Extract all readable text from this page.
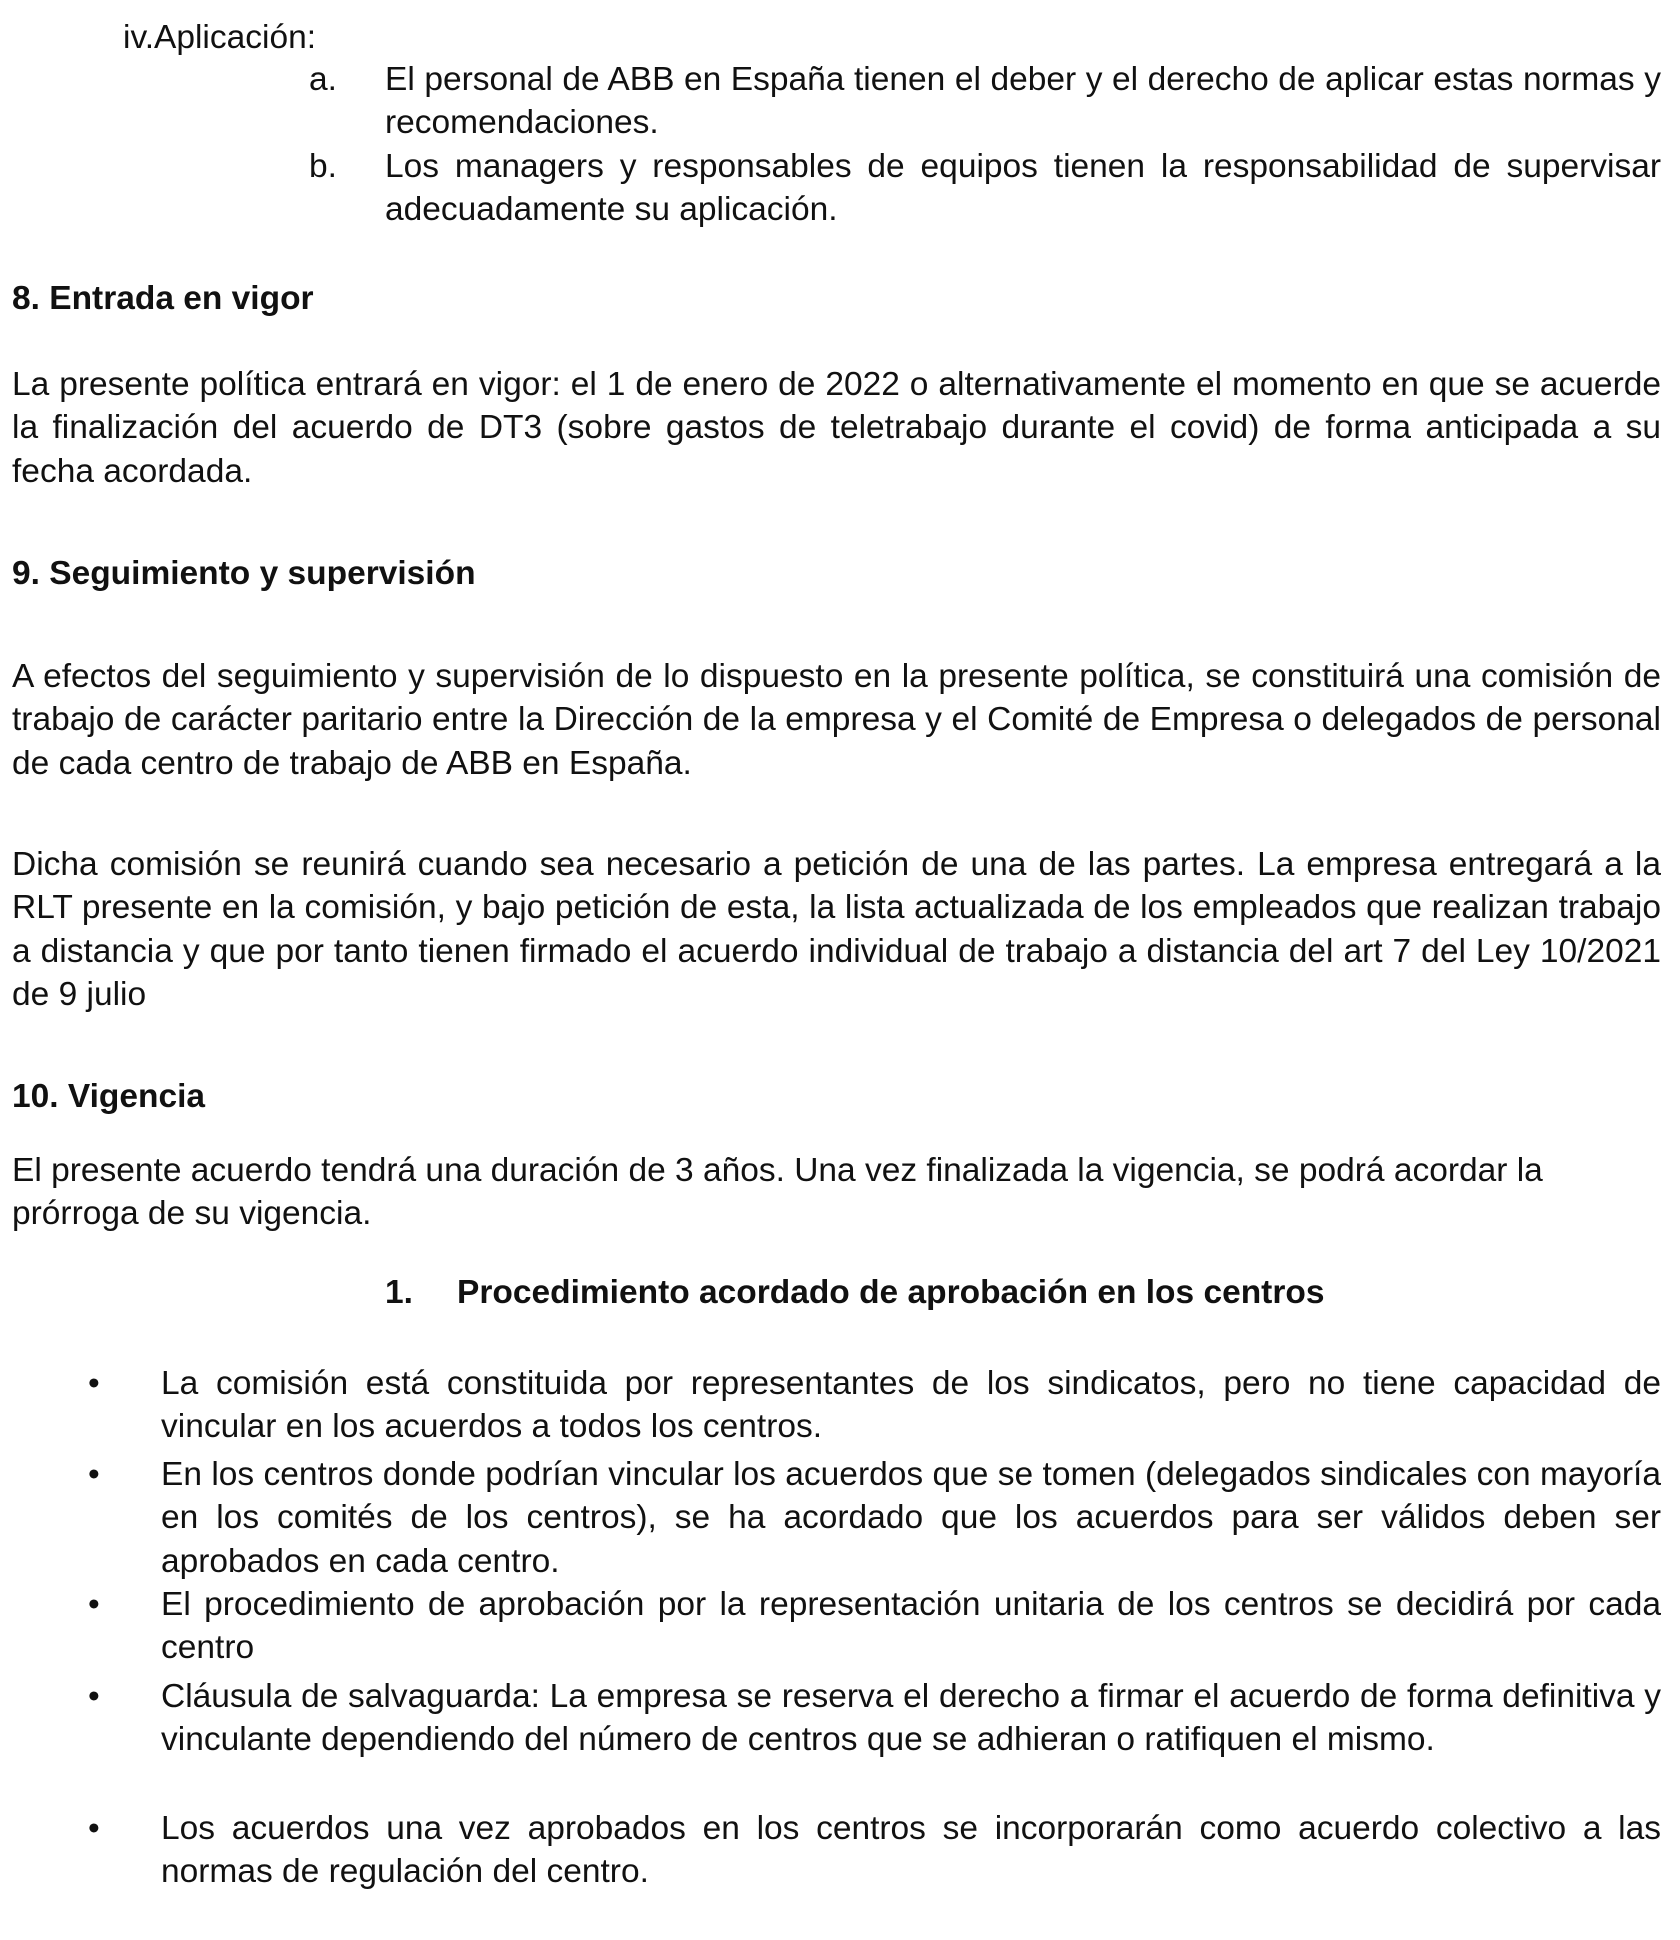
iv.Aplicación:
a. El personal de ABB en España tienen el deber y el derecho de aplicar estas normas y recomendaciones.
b. Los managers y responsables de equipos tienen la responsabilidad de supervisar adecuadamente su aplicación.
8. Entrada en vigor
La presente política entrará en vigor: el 1 de enero de 2022 o alternativamente el momento en que se acuerde la finalización del acuerdo de DT3 (sobre gastos de teletrabajo durante el covid) de forma anticipada a su fecha acordada.
9. Seguimiento y supervisión
A efectos del seguimiento y supervisión de lo dispuesto en la presente política, se constituirá una comisión de trabajo de carácter paritario entre la Dirección de la empresa y el Comité de Empresa o delegados de personal de cada centro de trabajo de ABB en España.
Dicha comisión se reunirá cuando sea necesario a petición de una de las partes. La empresa entregará a la RLT presente en la comisión, y bajo petición de esta, la lista actualizada de los empleados que realizan trabajo a distancia y que por tanto tienen firmado el acuerdo individual de trabajo a distancia del art 7 del Ley 10/2021 de 9 julio
10. Vigencia
El presente acuerdo tendrá una duración de 3 años. Una vez finalizada la vigencia, se podrá acordar la prórroga de su vigencia.
1. Procedimiento acordado de aprobación en los centros
• La comisión está constituida por representantes de los sindicatos, pero no tiene capacidad de vincular en los acuerdos a todos los centros.
• En los centros donde podrían vincular los acuerdos que se tomen (delegados sindicales con mayoría en los comités de los centros), se ha acordado que los acuerdos para ser válidos deben ser aprobados en cada centro.
• El procedimiento de aprobación por la representación unitaria de los centros se decidirá por cada centro
• Cláusula de salvaguarda: La empresa se reserva el derecho a firmar el acuerdo de forma definitiva y vinculante dependiendo del número de centros que se adhieran o ratifiquen el mismo.
• Los acuerdos una vez aprobados en los centros se incorporarán como acuerdo colectivo a las normas de regulación del centro.
